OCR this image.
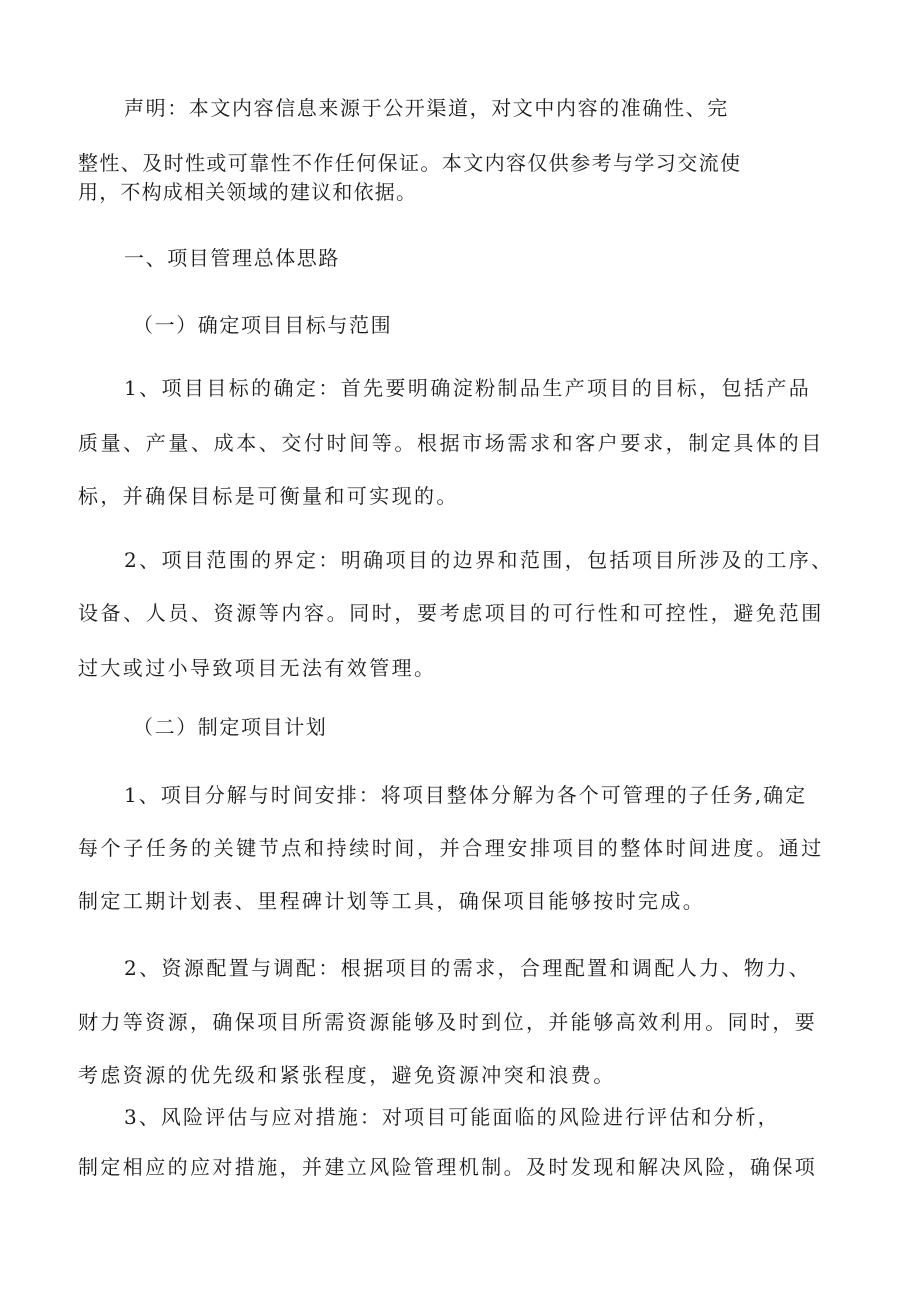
声明：本文内容信息来源于公开渠道，对文中内容的准确性、完
整性、及时性或可靠性不作任何保证。本文内容仅供参考与学习交流使
用，不构成相关领域的建议和依据。
一、项目管理总体思路
（一）确定项目目标与范围
1、项目目标的确定：首先要明确淀粉制品生产项目的目标，包括产品
质量、产量、成本、交付时间等。根据市场需求和客户要求，制定具体的目
标，并确保目标是可衡量和可实现的。
2、项目范围的界定：明确项目的边界和范围，包括项目所涉及的工序、
设备、人员、资源等内容。同时，要考虑项目的可行性和可控性，避免范围
过大或过小导致项目无法有效管理。
（二）制定项目计划
1、项目分解与时间安排：将项目整体分解为各个可管理的子任务,确定
每个子任务的关键节点和持续时间，并合理安排项目的整体时间进度。通过
制定工期计划表、里程碑计划等工具，确保项目能够按时完成。
2、资源配置与调配：根据项目的需求，合理配置和调配人力、物力、
财力等资源，确保项目所需资源能够及时到位，并能够高效利用。同时，要
考虑资源的优先级和紧张程度，避免资源冲突和浪费。
3、风险评估与应对措施：对项目可能面临的风险进行评估和分析，
制定相应的应对措施，并建立风险管理机制。及时发现和解决风险，确保项
